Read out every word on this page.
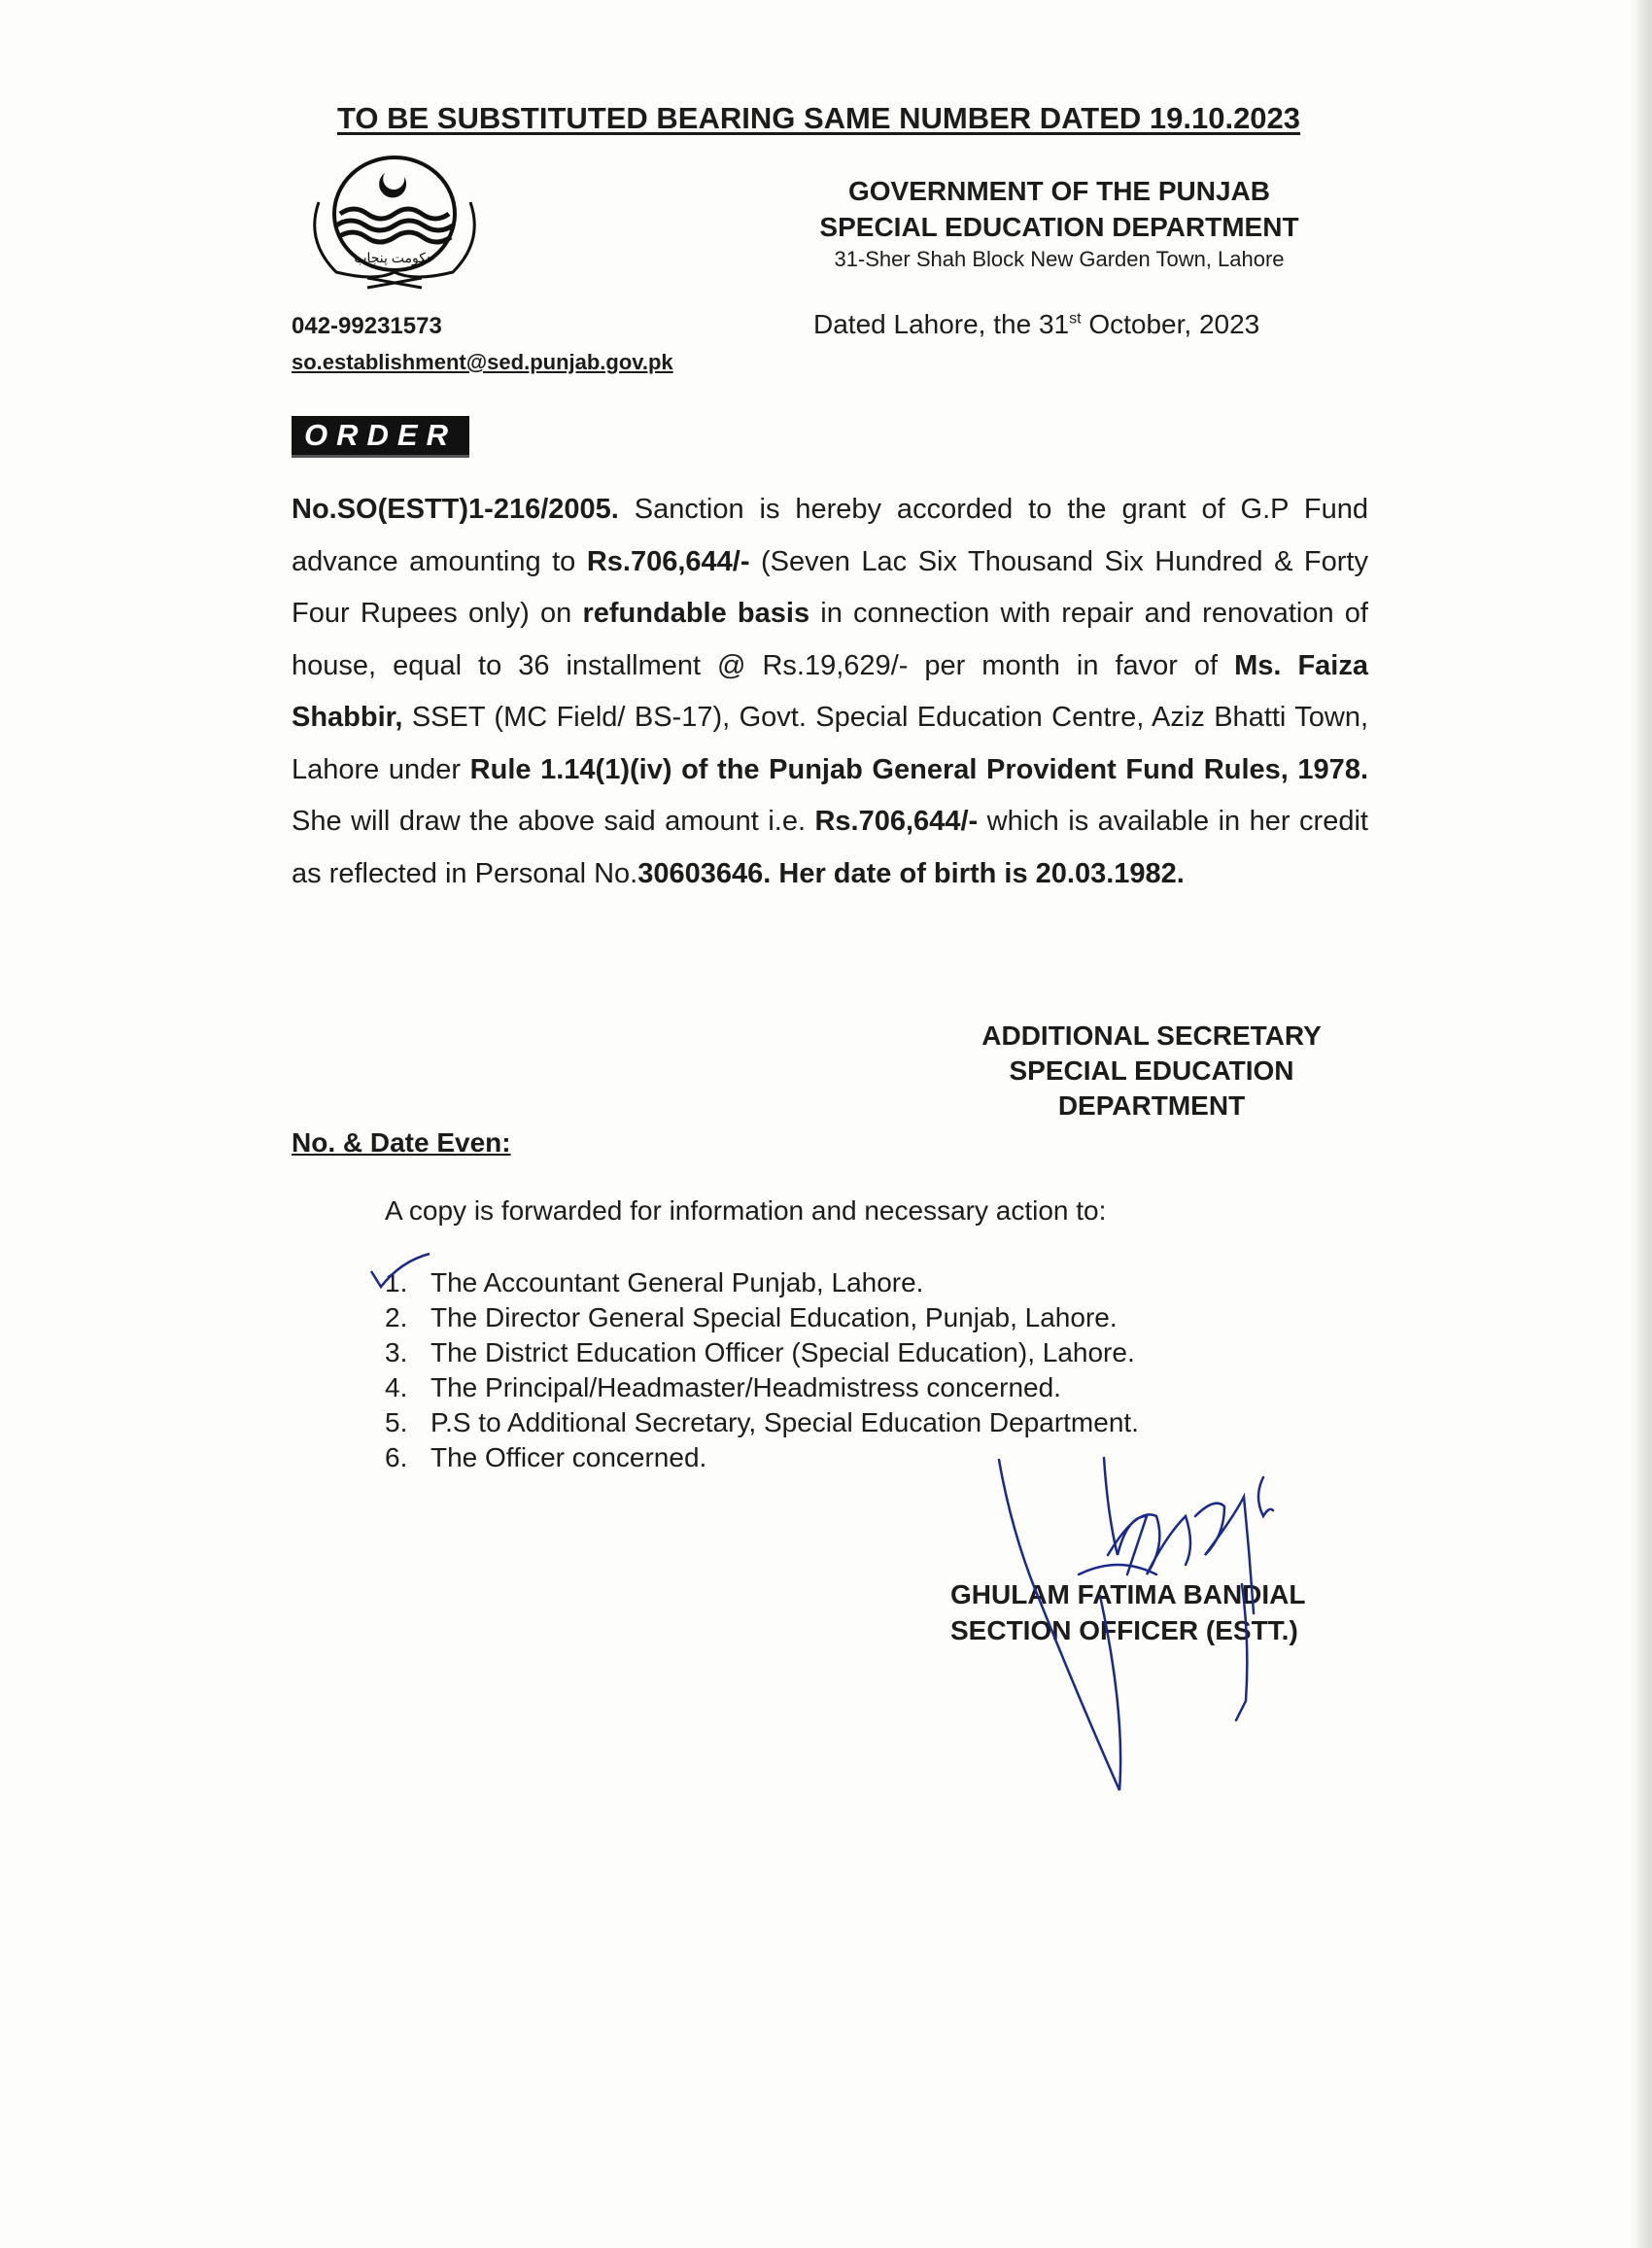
TO BE SUBSTITUTED BEARING SAME NUMBER DATED 19.10.2023
حکومت پنجاب
GOVERNMENT OF THE PUNJAB
SPECIAL EDUCATION DEPARTMENT
31-Sher Shah Block New Garden Town, Lahore
042-99231573
so.establishment@sed.punjab.gov.pk
Dated Lahore, the 31st October, 2023
ORDER
No.SO(ESTT)1-216/2005. Sanction is hereby accorded to the grant of G.P Fund advance amounting to Rs.706,644/- (Seven Lac Six Thousand Six Hundred & Forty Four Rupees only) on refundable basis in connection with repair and renovation of house, equal to 36 installment @ Rs.19,629/- per month in favor of Ms. Faiza Shabbir, SSET (MC Field/ BS-17), Govt. Special Education Centre, Aziz Bhatti Town, Lahore under Rule 1.14(1)(iv) of the Punjab General Provident Fund Rules, 1978. She will draw the above said amount i.e. Rs.706,644/- which is available in her credit as reflected in Personal No.30603646. Her date of birth is 20.03.1982.
ADDITIONAL SECRETARY
SPECIAL EDUCATION
DEPARTMENT
No. & Date Even:
A copy is forwarded for information and necessary action to:
1. The Accountant General Punjab, Lahore.
2. The Director General Special Education, Punjab, Lahore.
3. The District Education Officer (Special Education), Lahore.
4. The Principal/Headmaster/Headmistress concerned.
5. P.S to Additional Secretary, Special Education Department.
6. The Officer concerned.
GHULAM FATIMA BANDIAL
SECTION OFFICER (ESTT.)
